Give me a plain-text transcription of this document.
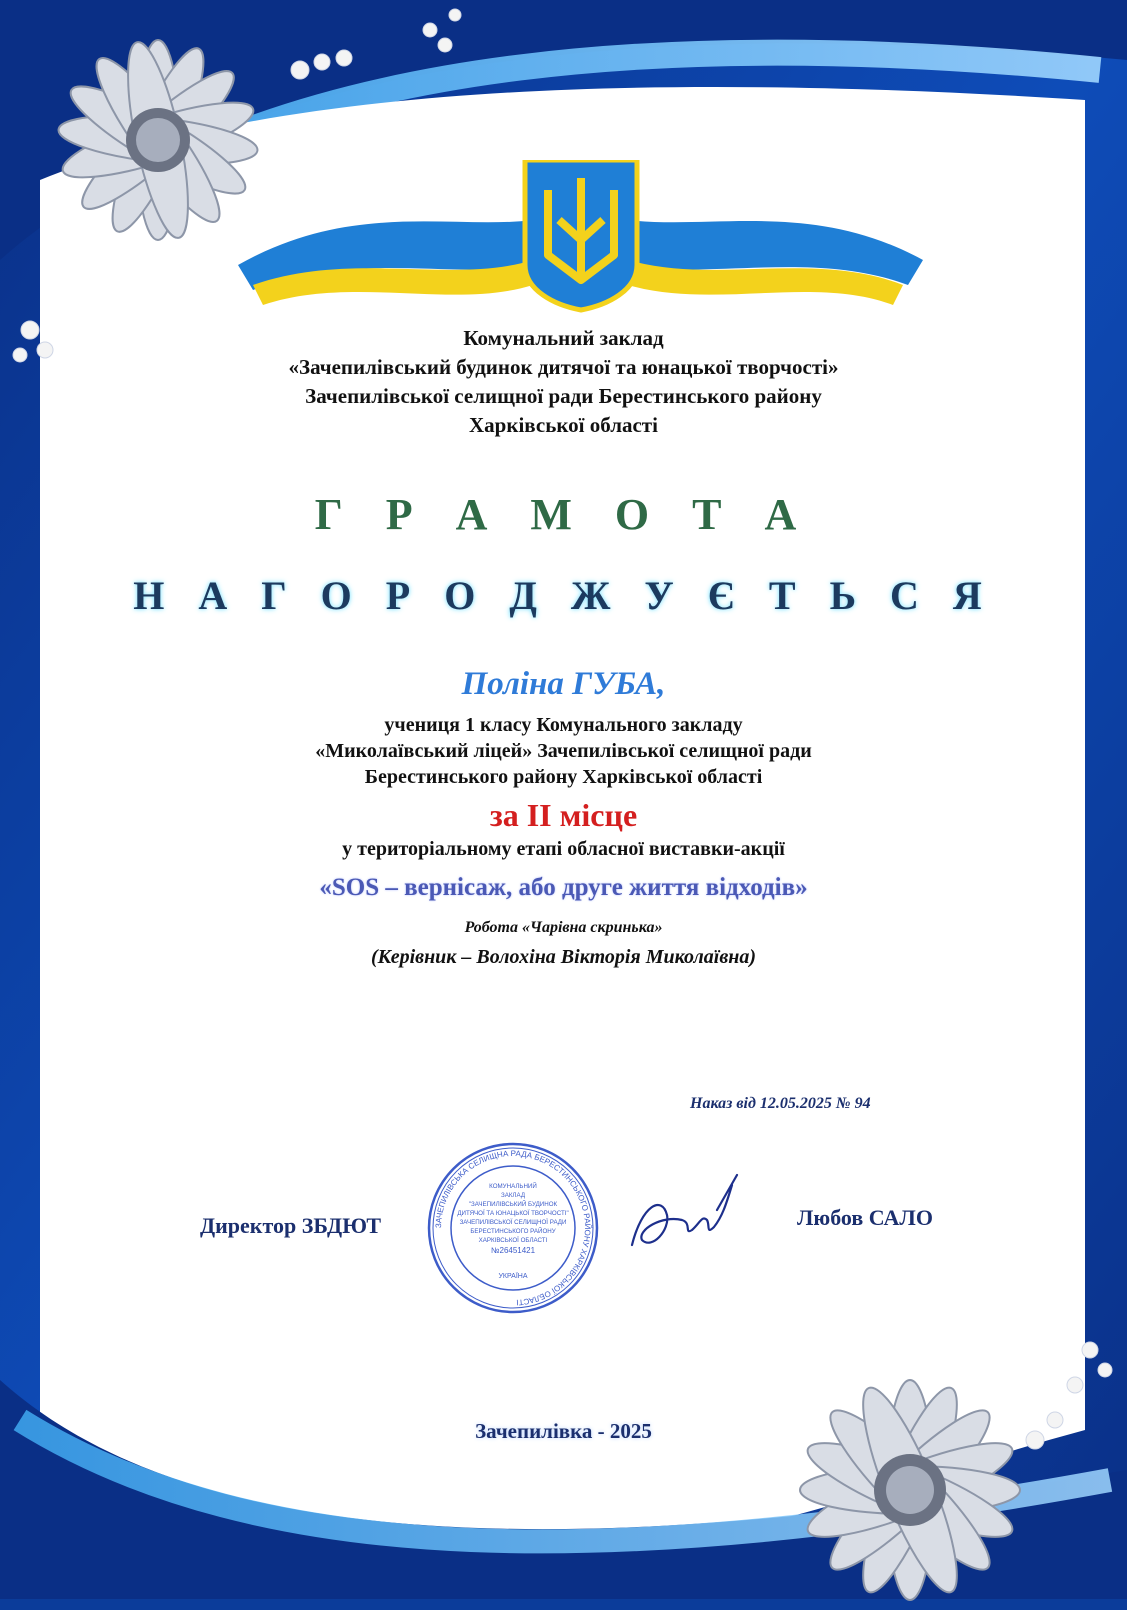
Комунальний заклад

«Зачепилівський будинок дитячої та юнацької творчості»

Зачепилівської селищної ради Берестинського району

Харківської області

Г Р А М О Т А

Н А Г О Р О Д Ж У Є Т Ь С Я

Поліна ГУБА,

учениця 1 класу Комунального закладу

«Миколаївський ліцей» Зачепилівської селищної ради

Берестинського району Харківської області

за II місце

у територіальному етапі обласної виставки-акції

«SOS – вернісаж, або друге життя відходів»

Робота «Чарівна скринька»

(Керівник – Волохіна Вікторія Миколаївна)

Наказ від 12.05.2025 № 94
Директор ЗБДЮТ	ЗАЧЕПИЛІВСЬКА СЕЛИЩНА РАДА БЕРЕСТИНСЬКОГО РАЙОНУ ХАРКІВСЬКОЇ ОБЛАСТІ
КОМУНАЛЬНИЙ
ЗАКЛАД
"ЗАЧЕПИЛІВСЬКИЙ БУДИНОК
ДИТЯЧОЇ ТА ЮНАЦЬКОЇ ТВОРЧОСТІ"
ЗАЧЕПИЛІВСЬКОЇ СЕЛИЩНОЇ РАДИ
БЕРЕСТИНСЬКОГО РАЙОНУ
ХАРКІВСЬКОЇ ОБЛАСТІ
№26451421
УКРАЇНА
Любов САЛО

Зачепилівка - 2025
